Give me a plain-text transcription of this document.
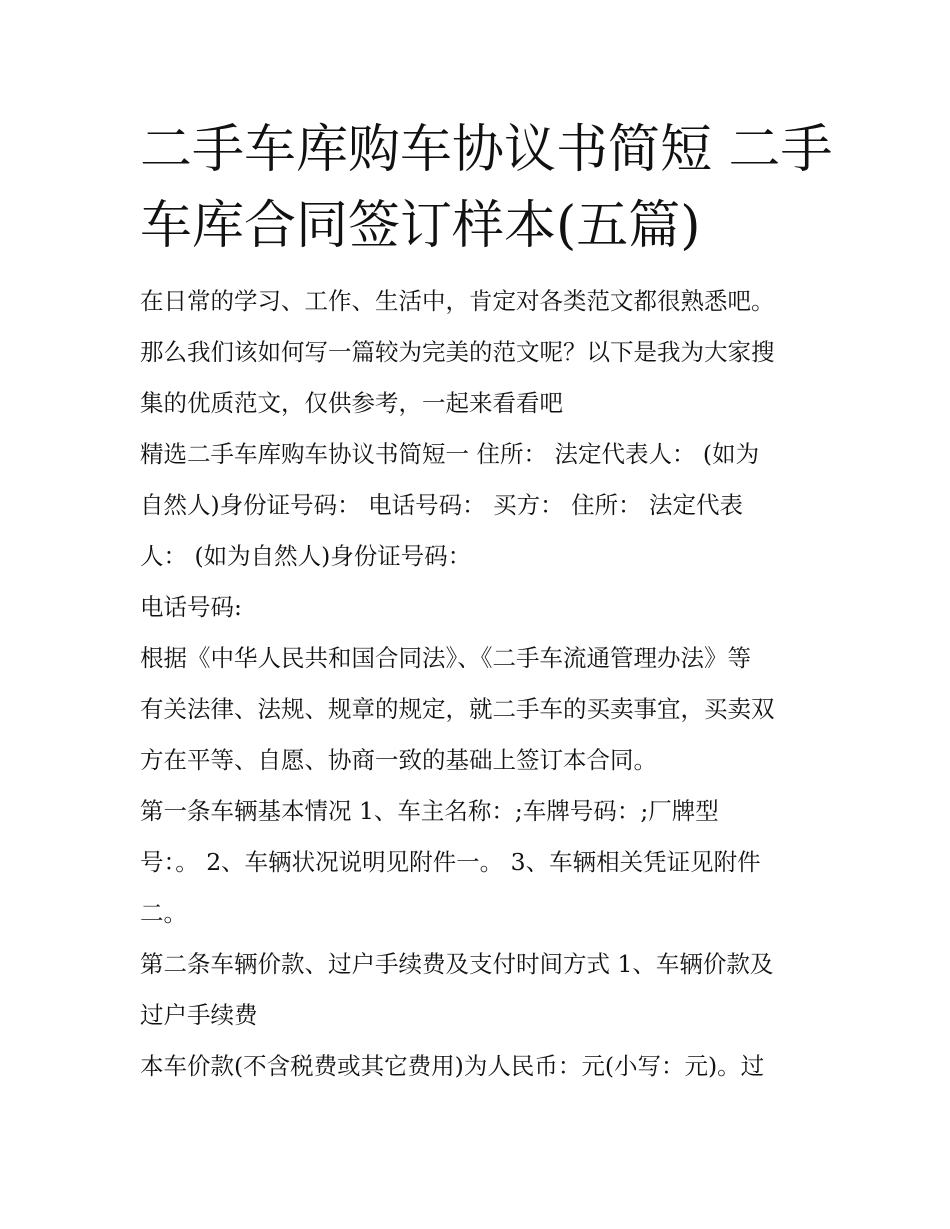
二手车库购车协议书简短 二手
车库合同签订样本(五篇)
在日常的学习、工作、生活中，肯定对各类范文都很熟悉吧。
那么我们该如何写一篇较为完美的范文呢？以下是我为大家搜
集的优质范文，仅供参考，一起来看看吧
精选二手车库购车协议书简短一 住所： 法定代表人： (如为
自然人)身份证号码： 电话号码： 买方： 住所： 法定代表
人： (如为自然人)身份证号码：
电话号码:
根据《中华人民共和国合同法》、《二手车流通管理办法》等
有关法律、法规、规章的规定，就二手车的买卖事宜，买卖双
方在平等、自愿、协商一致的基础上签订本合同。
第一条车辆基本情况 1、车主名称：;车牌号码：;厂牌型
号：。 2、车辆状况说明见附件一。 3、车辆相关凭证见附件
二。
第二条车辆价款、过户手续费及支付时间方式 1、车辆价款及
过户手续费
本车价款(不含税费或其它费用)为人民币：元(小写：元)。过
